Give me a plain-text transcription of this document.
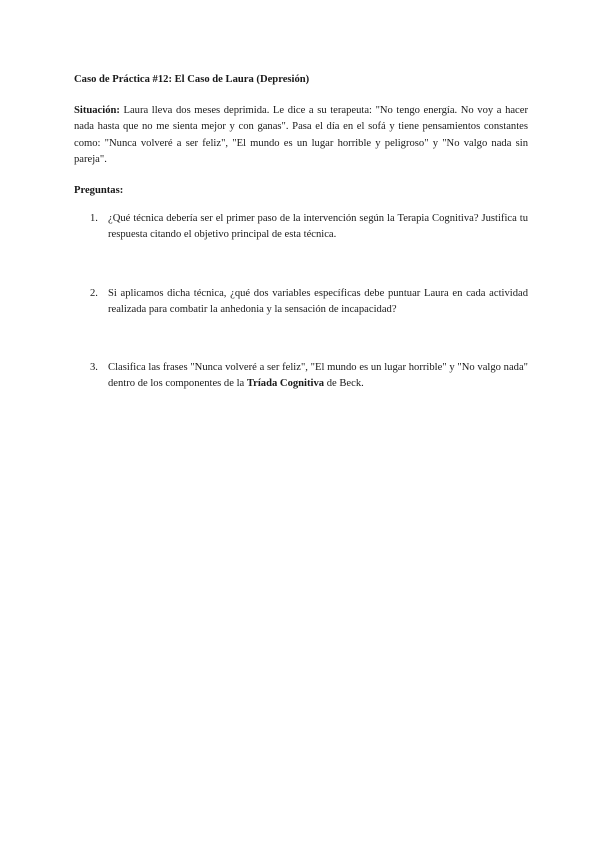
Caso de Práctica #12: El Caso de Laura (Depresión)

Situación: Laura lleva dos meses deprimida. Le dice a su terapeuta: "No tengo energía. No voy a hacer nada hasta que no me sienta mejor y con ganas". Pasa el día en el sofá y tiene pensamientos constantes como: "Nunca volveré a ser feliz", "El mundo es un lugar horrible y peligroso" y "No valgo nada sin pareja".

Preguntas:

1. ¿Qué técnica debería ser el primer paso de la intervención según la Terapia Cognitiva? Justifica tu respuesta citando el objetivo principal de esta técnica.
2. Si aplicamos dicha técnica, ¿qué dos variables específicas debe puntuar Laura en cada actividad realizada para combatir la anhedonia y la sensación de incapacidad?
3. Clasifica las frases "Nunca volveré a ser feliz", "El mundo es un lugar horrible" y "No valgo nada" dentro de los componentes de la Tríada Cognitiva de Beck.
